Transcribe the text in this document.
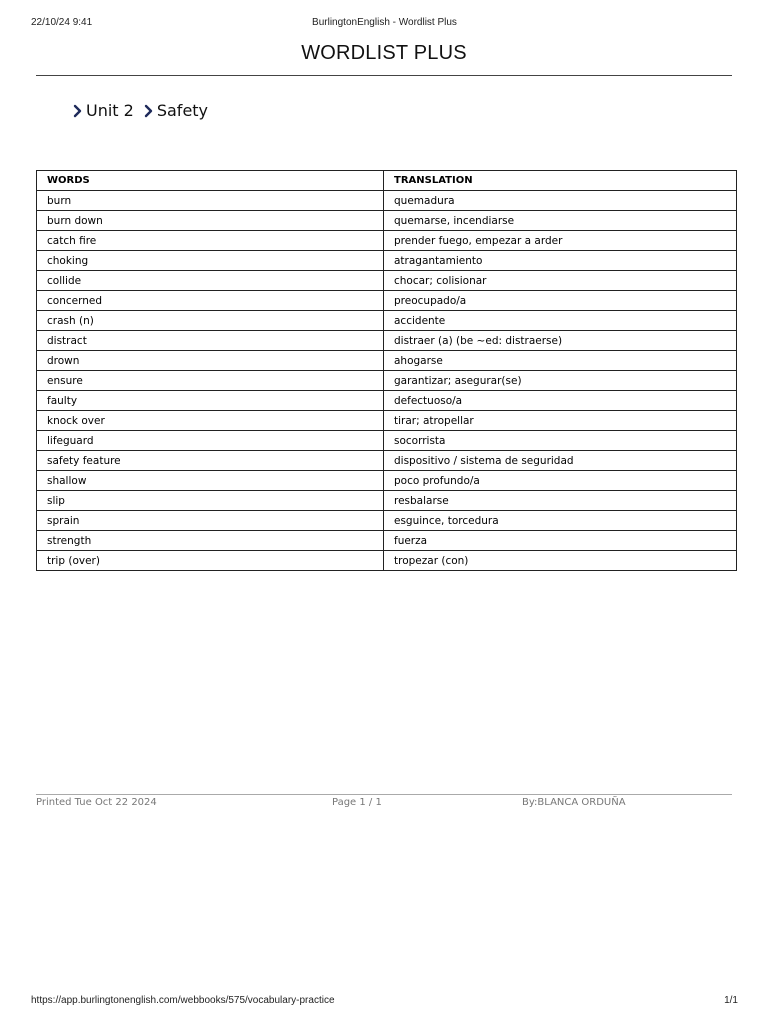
22/10/24 9:41	BurlingtonEnglish - Wordlist Plus
WORDLIST PLUS
Unit 2 Safety
WORDS	TRANSLATION
burn	quemadura
burn down	quemarse, incendiarse
catch fire	prender fuego, empezar a arder
choking	atragantamiento
collide	chocar; colisionar
concerned	preocupado/a
crash (n)	accidente
distract	distraer (a) (be ~ed: distraerse)
drown	ahogarse
ensure	garantizar; asegurar(se)
faulty	defectuoso/a
knock over	tirar; atropellar
lifeguard	socorrista
safety feature	dispositivo / sistema de seguridad
shallow	poco profundo/a
slip	resbalarse
sprain	esguince, torcedura
strength	fuerza
trip (over)	tropezar (con)
Printed Tue Oct 22 2024	Page 1 / 1	By:BLANCA ORDUÑA
https://app.burlingtonenglish.com/webbooks/575/vocabulary-practice	1/1
